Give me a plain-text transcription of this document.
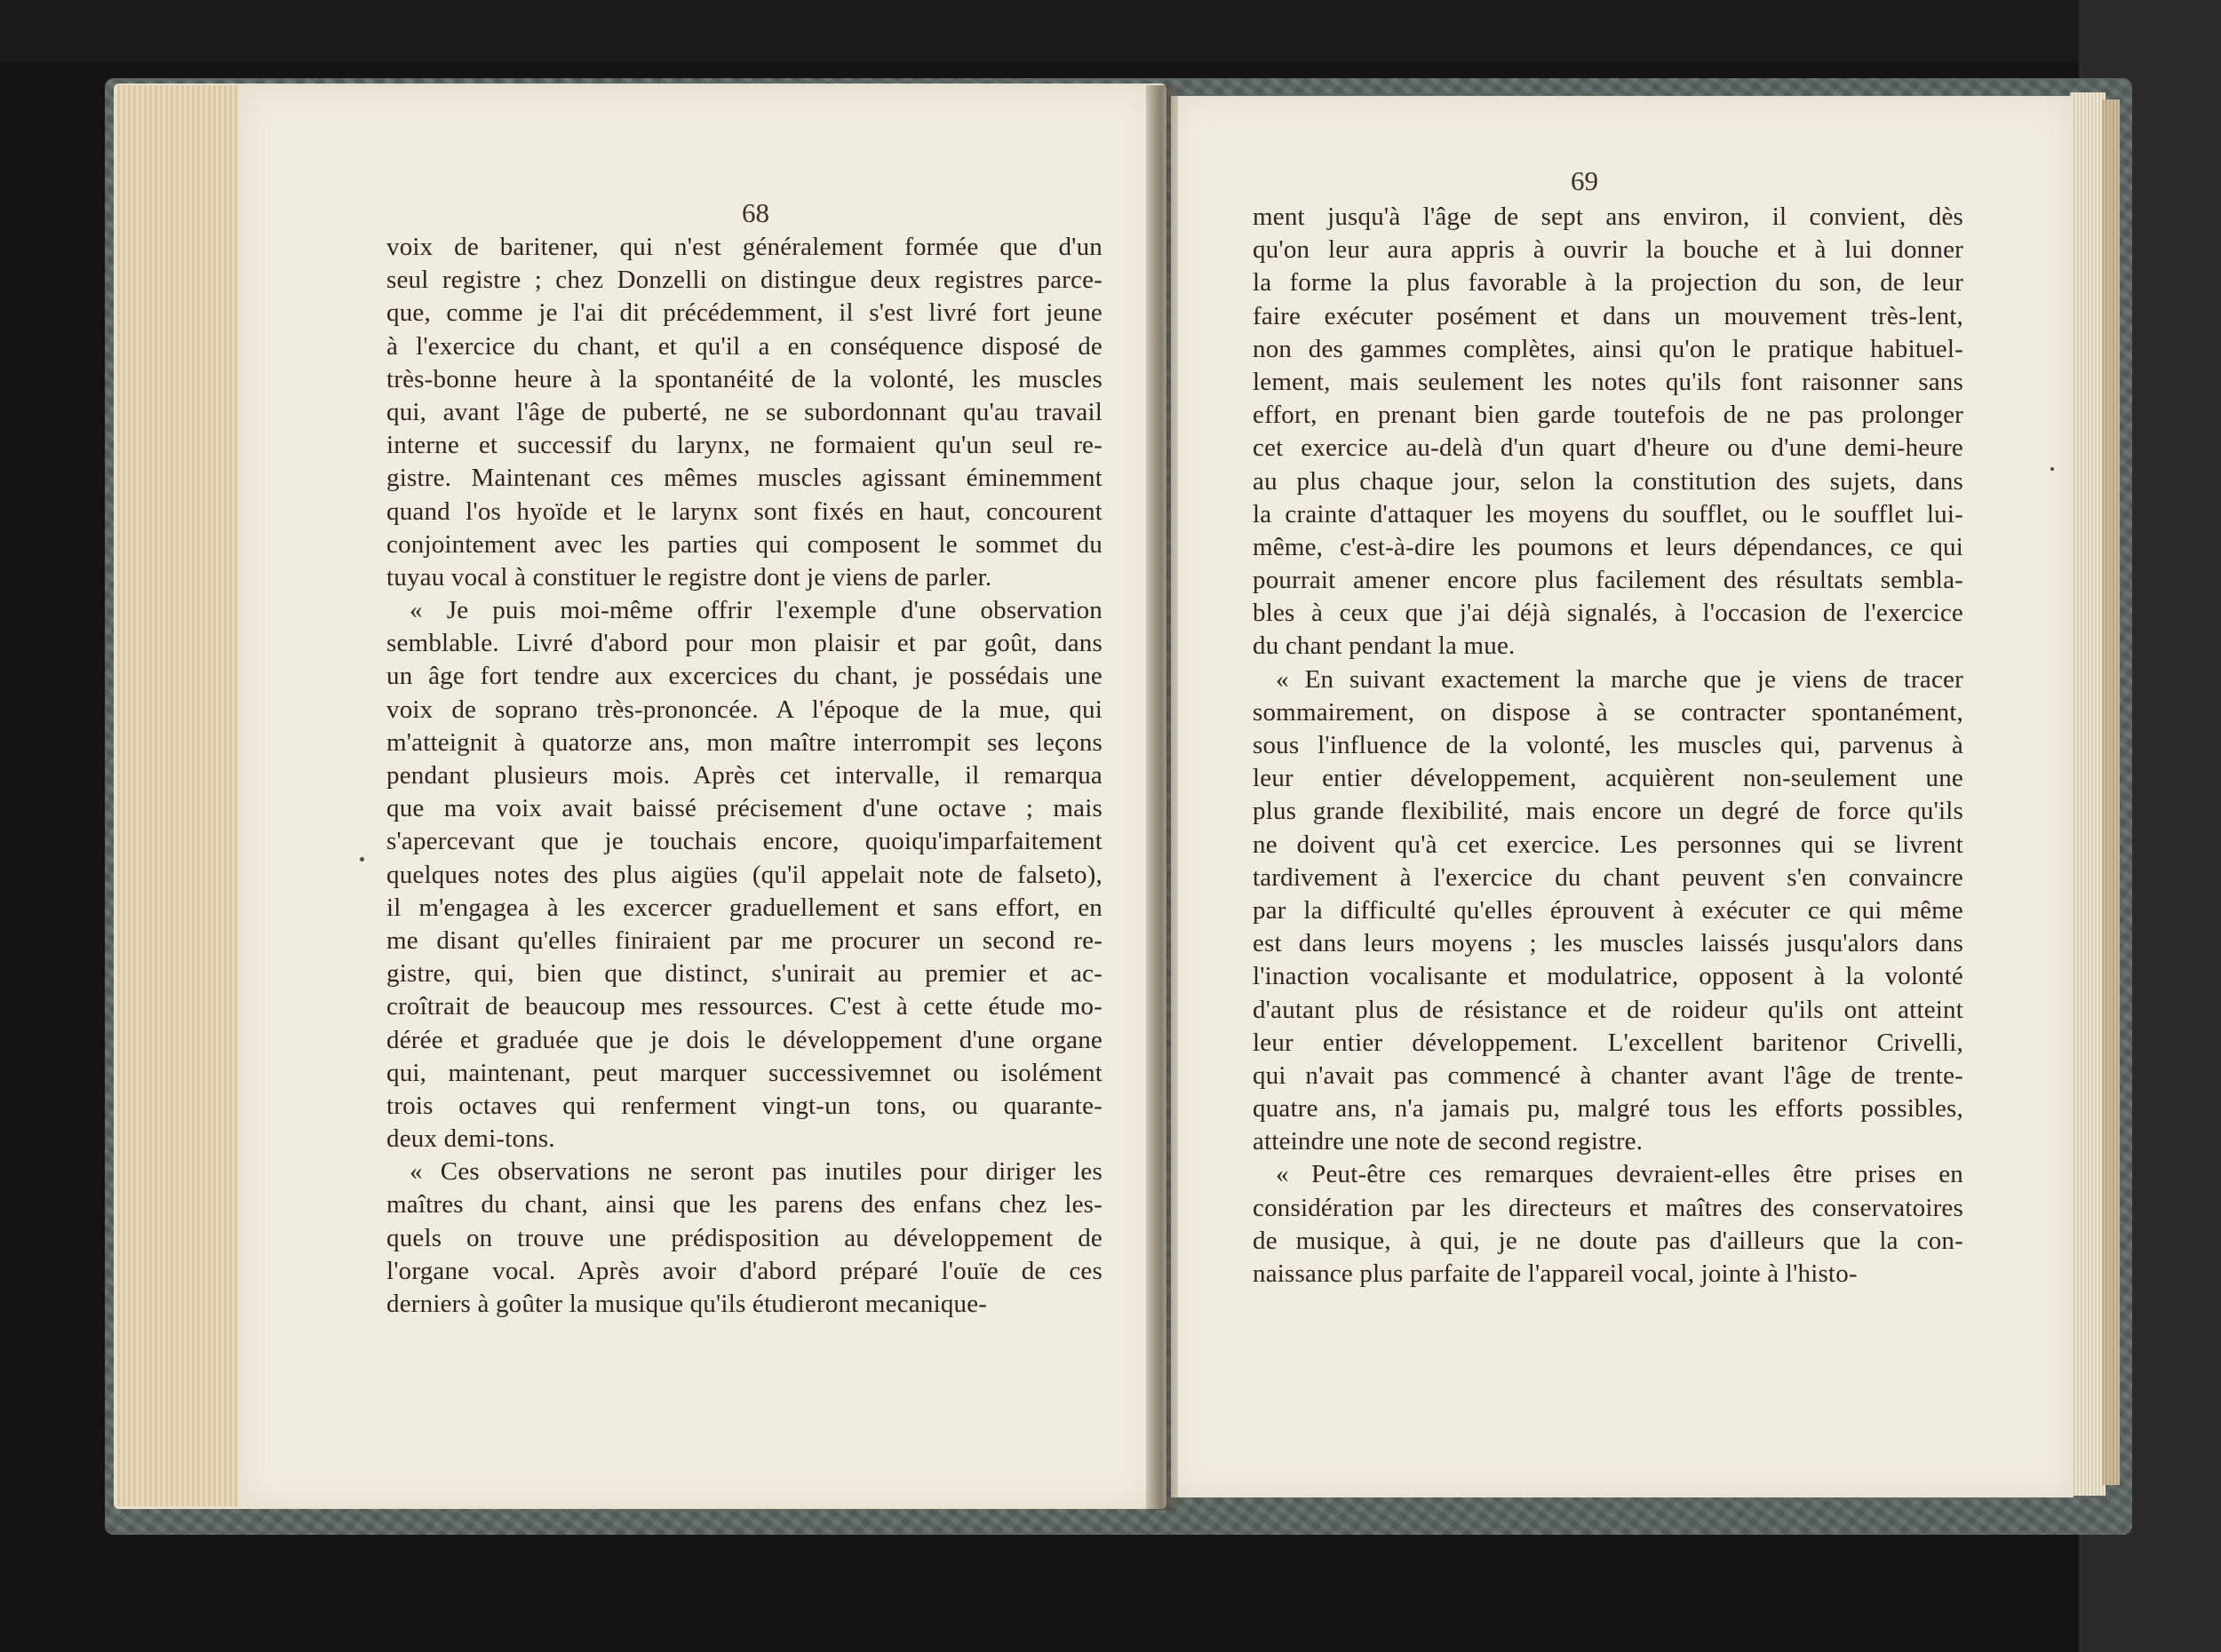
68
voix de baritener, qui n'est généralement formée que d'un
seul registre ; chez Donzelli on distingue deux registres parce-
que, comme je l'ai dit précédemment, il s'est livré fort jeune
à l'exercice du chant, et qu'il a en conséquence disposé de
très-bonne heure à la spontanéité de la volonté, les muscles
qui, avant l'âge de puberté, ne se subordonnant qu'au travail
interne et successif du larynx, ne formaient qu'un seul re-
gistre. Maintenant ces mêmes muscles agissant éminemment
quand l'os hyoïde et le larynx sont fixés en haut, concourent
conjointement avec les parties qui composent le sommet du
tuyau vocal à constituer le registre dont je viens de parler.
« Je puis moi-même offrir l'exemple d'une observation
semblable. Livré d'abord pour mon plaisir et par goût, dans
un âge fort tendre aux excercices du chant, je possédais une
voix de soprano très-prononcée. A l'époque de la mue, qui
m'atteignit à quatorze ans, mon maître interrompit ses leçons
pendant plusieurs mois. Après cet intervalle, il remarqua
que ma voix avait baissé précisement d'une octave ; mais
s'apercevant que je touchais encore, quoiqu'imparfaitement
quelques notes des plus aigües (qu'il appelait note de falseto),
il m'engagea à les excercer graduellement et sans effort, en
me disant qu'elles finiraient par me procurer un second re-
gistre, qui, bien que distinct, s'unirait au premier et ac-
croîtrait de beaucoup mes ressources. C'est à cette étude mo-
dérée et graduée que je dois le développement d'une organe
qui, maintenant, peut marquer successivemnet ou isolément
trois octaves qui renferment vingt-un tons, ou quarante-
deux demi-tons.
« Ces observations ne seront pas inutiles pour diriger les
maîtres du chant, ainsi que les parens des enfans chez les-
quels on trouve une prédisposition au développement de
l'organe vocal. Après avoir d'abord préparé l'ouïe de ces
derniers à goûter la musique qu'ils étudieront mecanique-
69
ment jusqu'à l'âge de sept ans environ, il convient, dès
qu'on leur aura appris à ouvrir la bouche et à lui donner
la forme la plus favorable à la projection du son, de leur
faire exécuter posément et dans un mouvement très-lent,
non des gammes complètes, ainsi qu'on le pratique habituel-
lement, mais seulement les notes qu'ils font raisonner sans
effort, en prenant bien garde toutefois de ne pas prolonger
cet exercice au-delà d'un quart d'heure ou d'une demi-heure
au plus chaque jour, selon la constitution des sujets, dans
la crainte d'attaquer les moyens du soufflet, ou le soufflet lui-
même, c'est-à-dire les poumons et leurs dépendances, ce qui
pourrait amener encore plus facilement des résultats sembla-
bles à ceux que j'ai déjà signalés, à l'occasion de l'exercice
du chant pendant la mue.
« En suivant exactement la marche que je viens de tracer
sommairement, on dispose à se contracter spontanément,
sous l'influence de la volonté, les muscles qui, parvenus à
leur entier développement, acquièrent non-seulement une
plus grande flexibilité, mais encore un degré de force qu'ils
ne doivent qu'à cet exercice. Les personnes qui se livrent
tardivement à l'exercice du chant peuvent s'en convaincre
par la difficulté qu'elles éprouvent à exécuter ce qui même
est dans leurs moyens ; les muscles laissés jusqu'alors dans
l'inaction vocalisante et modulatrice, opposent à la volonté
d'autant plus de résistance et de roideur qu'ils ont atteint
leur entier développement. L'excellent baritenor Crivelli,
qui n'avait pas commencé à chanter avant l'âge de trente-
quatre ans, n'a jamais pu, malgré tous les efforts possibles,
atteindre une note de second registre.
« Peut-être ces remarques devraient-elles être prises en
considération par les directeurs et maîtres des conservatoires
de musique, à qui, je ne doute pas d'ailleurs que la con-
naissance plus parfaite de l'appareil vocal, jointe à l'histo-
